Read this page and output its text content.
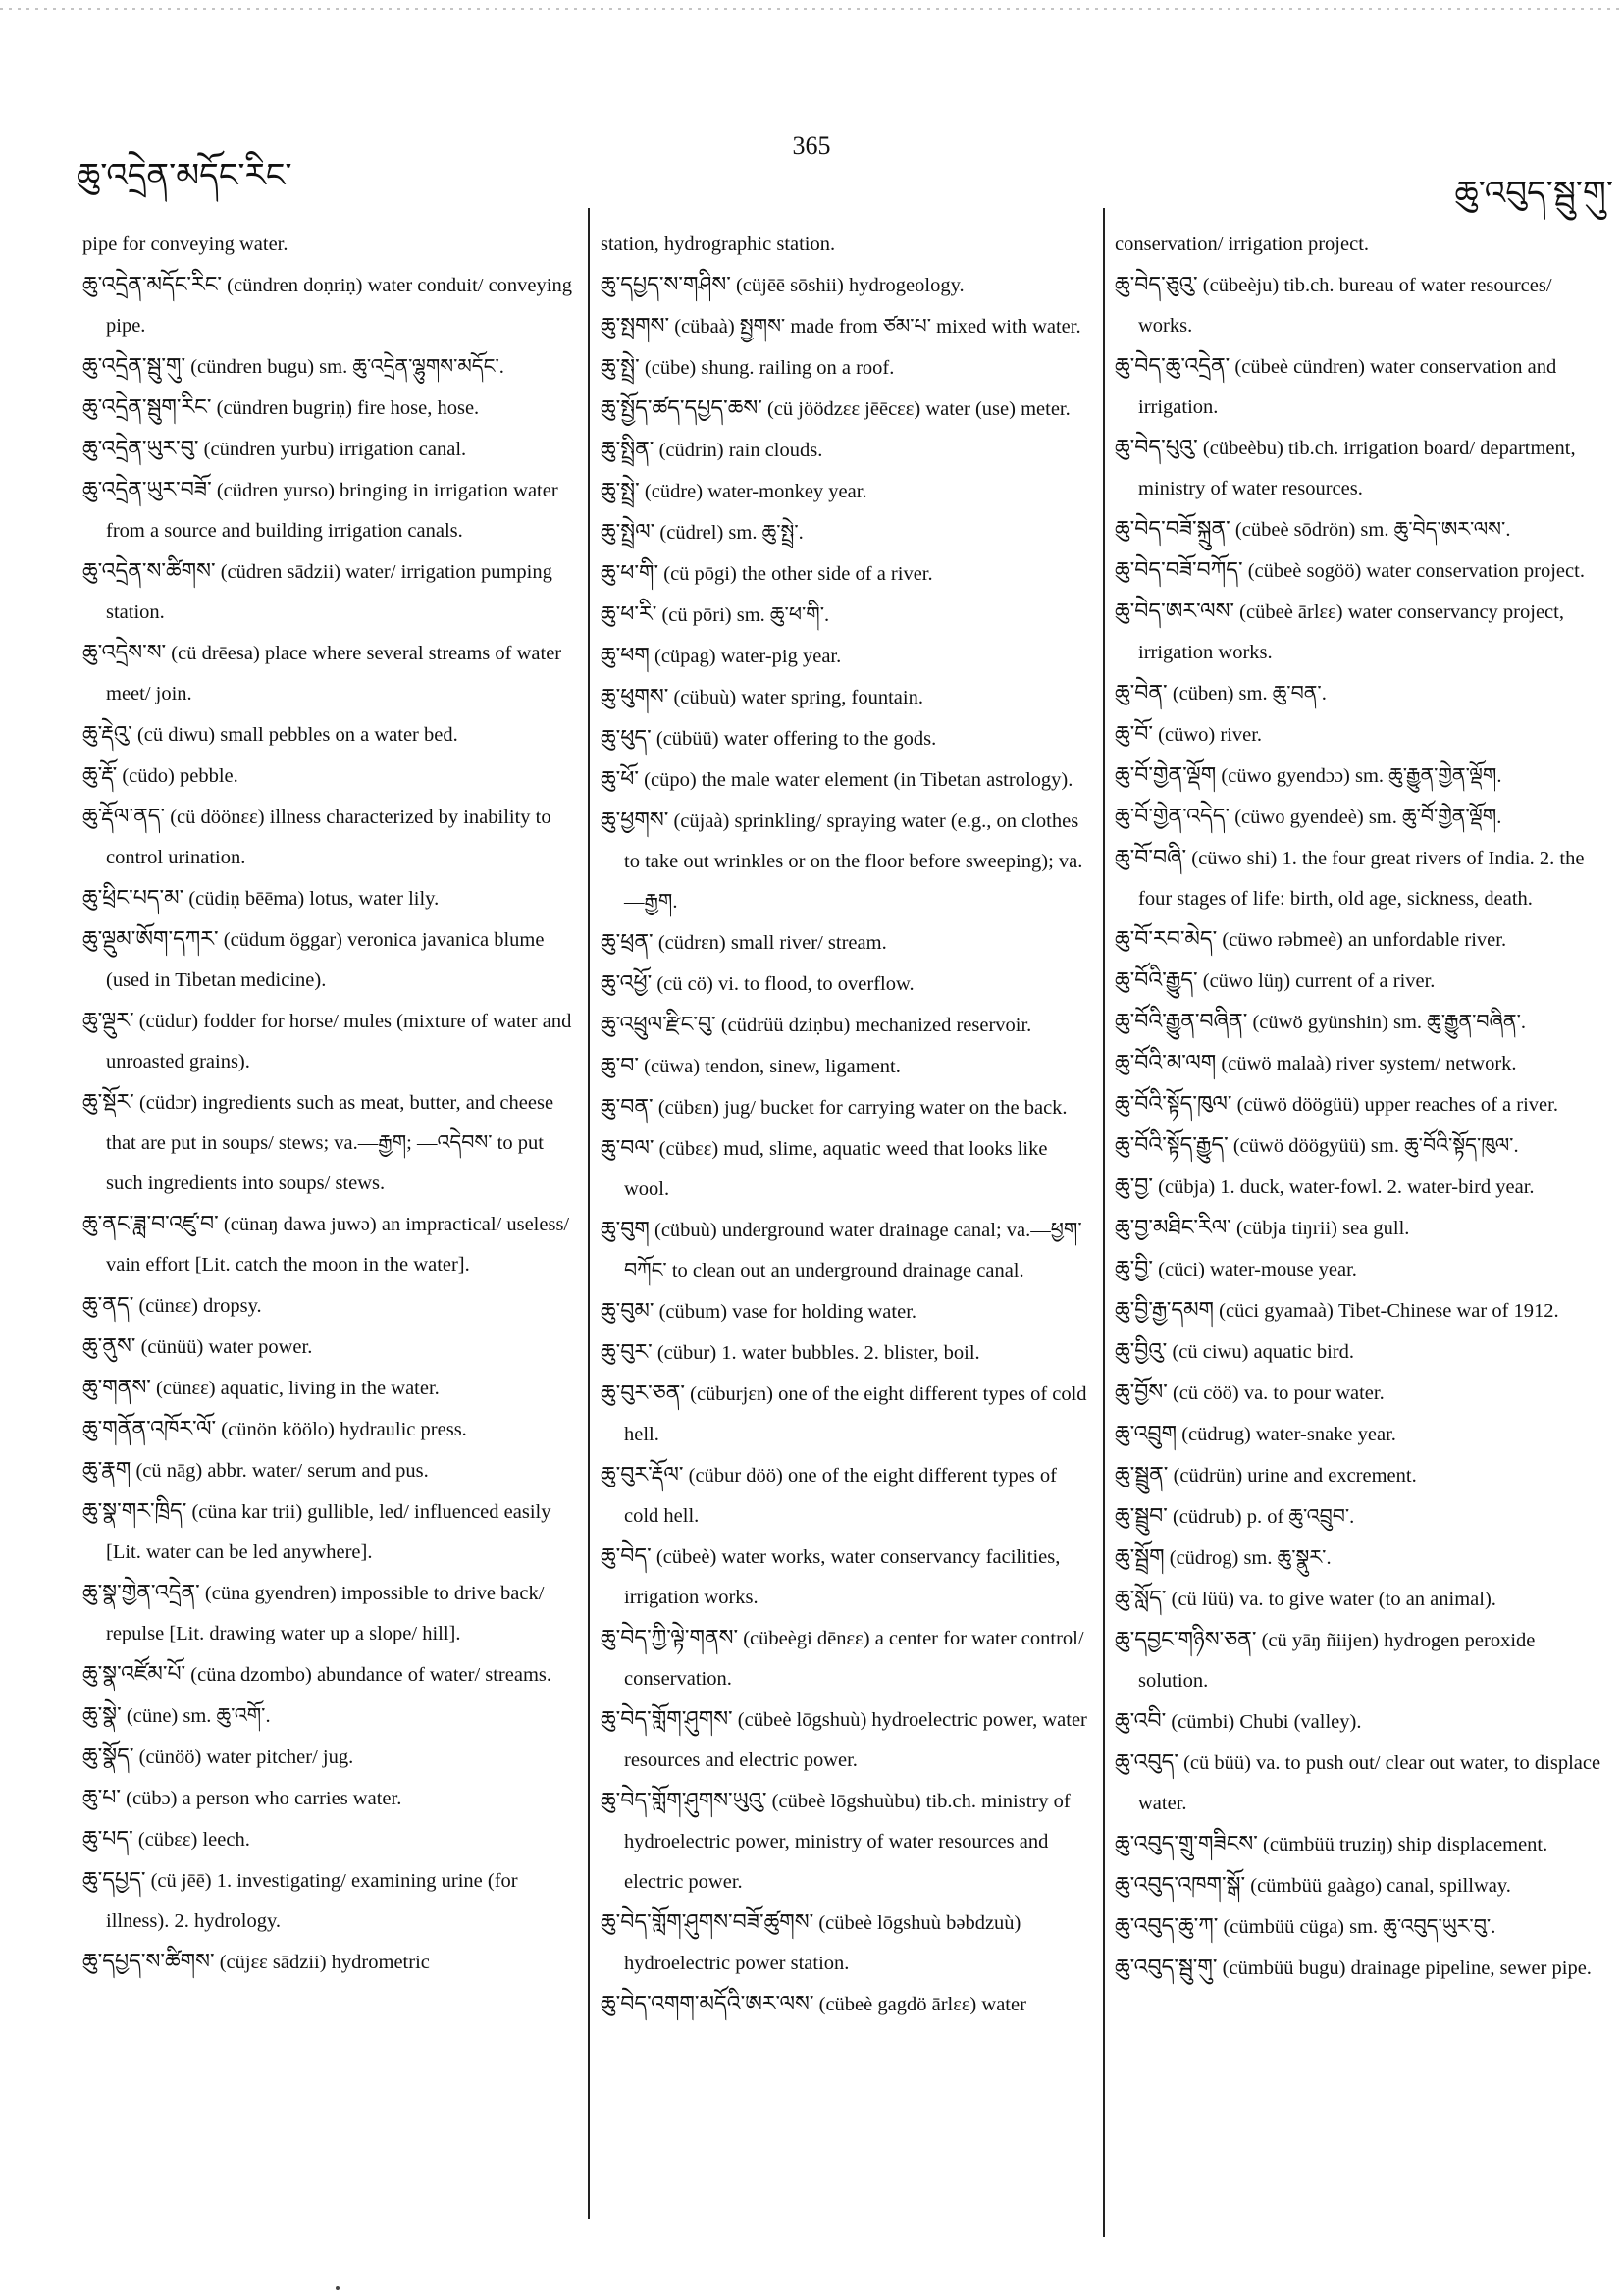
ཆུ་འདྲེན་མདོང་རིང་
365
ཆུ་འབུད་སྦུ་གུ་

pipe for conveying water.

ཆུ་འདྲེན་མདོང་རིང་ (cündren doṇriṇ) water conduit/ conveying pipe.

ཆུ་འདྲེན་སྦུ་གུ་ (cündren bugu) sm. ཆུ་འདྲེན་ལྷུགས་མདོང་.

ཆུ་འདྲེན་སྦུག་རིང་ (cündren bugriṇ) fire hose, hose.

ཆུ་འདྲེན་ཡུར་བུ་ (cündren yurbu) irrigation canal.

ཆུ་འདྲེན་ཡུར་བཟོ་ (cüdren yurso) bringing in irrigation water from a source and building irrigation canals.

ཆུ་འདྲེན་ས་ཚིགས་ (cüdren sādzii) water/ irrigation pumping station.

ཆུ་འདྲེས་ས་ (cü drēesa) place where several streams of water meet/ join.

ཆུ་རྡེའུ་ (cü diwu) small pebbles on a water bed.

ཆུ་རྡོ་ (cüdo) pebble.

ཆུ་རྡོལ་ནད་ (cü döönɛɛ) illness characterized by inability to control urination.

ཆུ་ཕྲིང་པད་མ་ (cüdiṇ bēēma) lotus, water lily.

ཆུ་ལྡུམ་ཨོག་དཀར་ (cüdum öggar) veronica javanica blume (used in Tibetan medicine).

ཆུ་ལྡུར་ (cüdur) fodder for horse/ mules (mixture of water and unroasted grains).

ཆུ་སྡོར་ (cüdɔr) ingredients such as meat, butter, and cheese that are put in soups/ stews; va.—རྒྱག; —འདེབས་ to put such ingredients into soups/ stews.

ཆུ་ནང་ཟླ་བ་འཛུ་བ་ (cünaŋ dawa juwə) an impractical/ useless/ vain effort [Lit. catch the moon in the water].

ཆུ་ནད་ (cünɛɛ) dropsy.

ཆུ་ནུས་ (cünüü) water power.

ཆུ་གནས་ (cünɛɛ) aquatic, living in the water.

ཆུ་གནོན་འཁོར་ལོ་ (cünön köölo) hydraulic press.

ཆུ་རྣག (cü nāg) abbr. water/ serum and pus.

ཆུ་སྣ་གར་ཁྲིད་ (cüna kar trii) gullible, led/ influenced easily [Lit. water can be led anywhere].

ཆུ་སྣ་གྱེན་འདྲེན་ (cüna gyendren) impossible to drive back/ repulse [Lit. drawing water up a slope/ hill].

ཆུ་སྣ་འཛོམ་པོ་ (cüna dzombo) abundance of water/ streams.

ཆུ་སྣེ་ (cüne) sm. ཆུ་འགོ་.

ཆུ་སྣོད་ (cünöö) water pitcher/ jug.

ཆུ་པ་ (cübɔ) a person who carries water.

ཆུ་པད་ (cübɛɛ) leech.

ཆུ་དཔྱད་ (cü jēē) 1. investigating/ examining urine (for illness). 2. hydrology.

ཆུ་དཔྱད་ས་ཚིགས་ (cüjɛɛ sādzii) hydrometric

station, hydrographic station.

ཆུ་དཔྱད་ས་གཤིས་ (cüjēē sōshii) hydrogeology.

ཆུ་སྤགས་ (cübaà) སྤྱགས་ made from ཙམ་པ་ mixed with water.

ཆུ་སྤྲེ་ (cübe) shung. railing on a roof.

ཆུ་སྤྱོད་ཚད་དཔྱད་ཆས་ (cü jöödzɛɛ jēēcɛɛ) water (use) meter.

ཆུ་སྤྲིན་ (cüdrin) rain clouds.

ཆུ་སྤྲེ་ (cüdre) water-monkey year.

ཆུ་སྤྲེལ་ (cüdrel) sm. ཆུ་སྤྲེ་.

ཆུ་ཕ་གི་ (cü pōgi) the other side of a river.

ཆུ་ཕ་རི་ (cü pōri) sm. ཆུ་ཕ་གི་.

ཆུ་ཕག (cüpag) water-pig year.

ཆུ་ཕུགས་ (cübuù) water spring, fountain.

ཆུ་ཕུད་ (cübüü) water offering to the gods.

ཆུ་ཕོ་ (cüpo) the male water element (in Tibetan astrology).

ཆུ་ཕྱགས་ (cüjaà) sprinkling/ spraying water (e.g., on clothes to take out wrinkles or on the floor before sweeping); va.—རྒྱག.

ཆུ་ཕྲན་ (cüdrɛn) small river/ stream.

ཆུ་འཕྱོ་ (cü cö) vi. to flood, to overflow.

ཆུ་འཕྲུལ་རྫིང་བུ་ (cüdrüü dziṇbu) mechanized reservoir.

ཆུ་བ་ (cüwa) tendon, sinew, ligament.

ཆུ་བན་ (cübɛn) jug/ bucket for carrying water on the back.

ཆུ་བལ་ (cübɛɛ) mud, slime, aquatic weed that looks like wool.

ཆུ་བུག (cübuù) underground water drainage canal; va.—ཕྱག་བཀོང་ to clean out an underground drainage canal.

ཆུ་བུམ་ (cübum) vase for holding water.

ཆུ་བུར་ (cübur) 1. water bubbles. 2. blister, boil.

ཆུ་བུར་ཅན་ (cüburjɛn) one of the eight different types of cold hell.

ཆུ་བུར་རྡོལ་ (cübur döö) one of the eight different types of cold hell.

ཆུ་བེད་ (cübeè) water works, water conservancy facilities, irrigation works.

ཆུ་བེད་ཀྱི་ལྟེ་གནས་ (cübeègi dēnɛɛ) a center for water control/ conservation.

ཆུ་བེད་གློག་ཤུགས་ (cübeè lōgshuù) hydroelectric power, water resources and electric power.

ཆུ་བེད་གློག་ཤུགས་ཡུའུ་ (cübeè lōgshuùbu) tib.ch. ministry of hydroelectric power, ministry of water resources and electric power.

ཆུ་བེད་གློག་ཤུགས་བཟོ་ཚུགས་ (cübeè lōgshuù bəbdzuù) hydroelectric power station.

ཆུ་བེད་འགག་མདོའི་ཨར་ལས་ (cübeè gagdö ārlɛɛ) water

conservation/ irrigation project.

ཆུ་བེད་ཅུའུ་ (cübeèju) tib.ch. bureau of water resources/ works.

ཆུ་བེད་ཆུ་འདྲེན་ (cübeè cündren) water conservation and irrigation.

ཆུ་བེད་པུའུ་ (cübeèbu) tib.ch. irrigation board/ department, ministry of water resources.

ཆུ་བེད་བཟོ་སྐྲུན་ (cübeè sōdrön) sm. ཆུ་བེད་ཨར་ལས་.

ཆུ་བེད་བཟོ་བཀོད་ (cübeè sogöö) water conservation project.

ཆུ་བེད་ཨར་ལས་ (cübeè ārlɛɛ) water conservancy project, irrigation works.

ཆུ་བེན་ (cüben) sm. ཆུ་བན་.

ཆུ་བོ་ (cüwo) river.

ཆུ་བོ་གྱེན་ལྡོག (cüwo gyendɔɔ) sm. ཆུ་རྒྱུན་གྱེན་ལྡོག.

ཆུ་བོ་གྱེན་འདེད་ (cüwo gyendeè) sm. ཆུ་བོ་གྱེན་ལྡོག.

ཆུ་བོ་བཞི་ (cüwo shi) 1. the four great rivers of India. 2. the four stages of life: birth, old age, sickness, death.

ཆུ་བོ་རབ་མེད་ (cüwo rəbmeè) an unfordable river.

ཆུ་བོའི་རྒྱུད་ (cüwo lüŋ) current of a river.

ཆུ་བོའི་རྒྱུན་བཞིན་ (cüwö gyünshin) sm. ཆུ་རྒྱུན་བཞིན་.

ཆུ་བོའི་མ་ལག (cüwö malaà) river system/ network.

ཆུ་བོའི་སྟོད་ཁུལ་ (cüwö döögüü) upper reaches of a river.

ཆུ་བོའི་སྟོད་རྒྱུད་ (cüwö döögyüü) sm. ཆུ་བོའི་སྟོད་ཁུལ་.

ཆུ་བྱ་ (cübja) 1. duck, water-fowl. 2. water-bird year.

ཆུ་བྱ་མཐིང་རིལ་ (cübja tiŋrii) sea gull.

ཆུ་བྱི་ (cüci) water-mouse year.

ཆུ་བྱི་རྒྱ་དམག (cüci gyamaà) Tibet-Chinese war of 1912.

ཆུ་བྱིའུ་ (cü ciwu) aquatic bird.

ཆུ་བྱོས་ (cü cöö) va. to pour water.

ཆུ་འབྲུག (cüdrug) water-snake year.

ཆུ་སྦྲུན་ (cüdrün) urine and excrement.

ཆུ་སྦྲུབ་ (cüdrub) p. of ཆུ་འབྲུབ་.

ཆུ་སྦྲོག (cüdrog) sm. ཆུ་སྣུར་.

ཆུ་སློད་ (cü lüü) va. to give water (to an animal).

ཆུ་དབྱང་གཉིས་ཅན་ (cü yāŋ ñiijen) hydrogen peroxide solution.

ཆུ་འབི་ (cümbi) Chubi (valley).

ཆུ་འབུད་ (cü büü) va. to push out/ clear out water, to displace water.

ཆུ་འབུད་གྲུ་གཟིངས་ (cümbüü truziŋ) ship displacement.

ཆུ་འབུད་འཁག་སྒོ་ (cümbüü gaàgo) canal, spillway.

ཆུ་འབུད་ཆུ་ཀ་ (cümbüü cüga) sm. ཆུ་འབུད་ཡུར་བུ་.

ཆུ་འབུད་སྦུ་གུ་ (cümbüü bugu) drainage pipeline, sewer pipe.
